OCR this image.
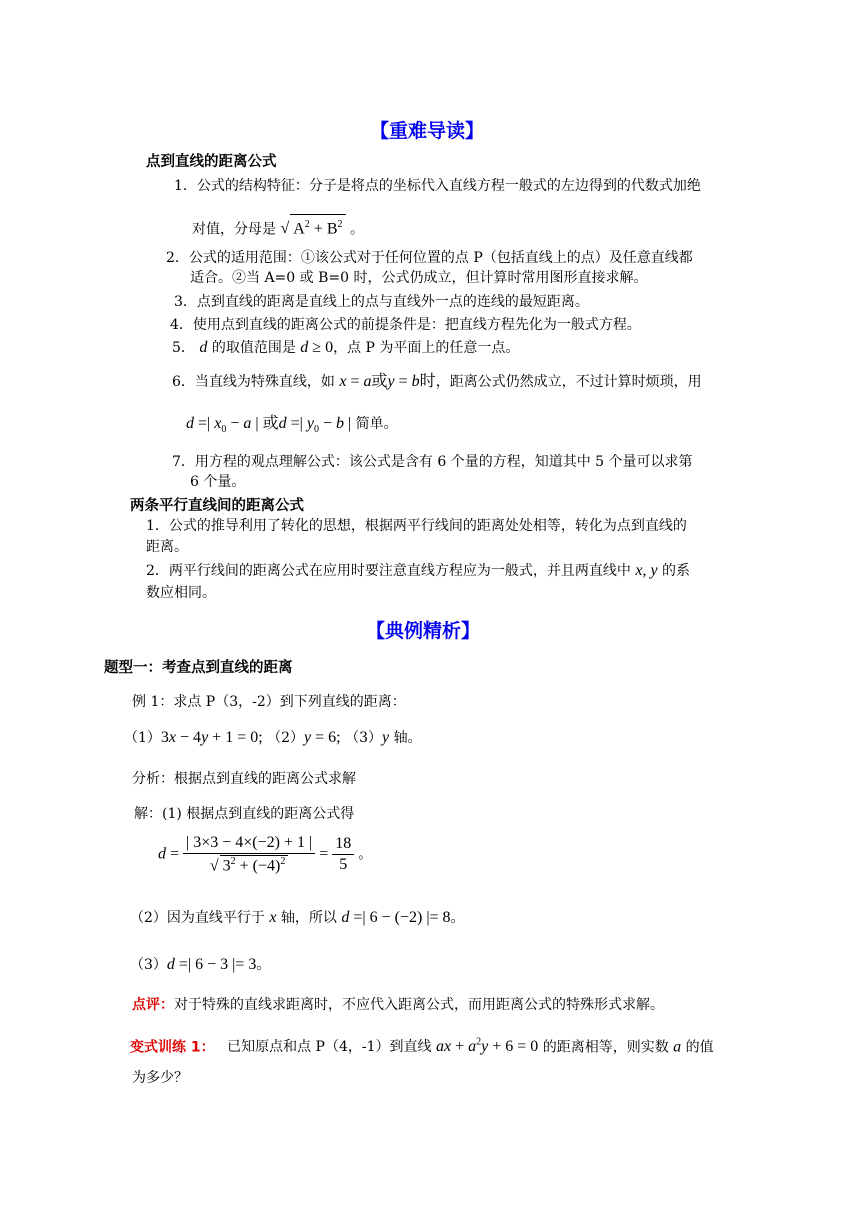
【重难导读】
点到直线的距离公式
1．公式的结构特征：分子是将点的坐标代入直线方程一般式的左边得到的代数式加绝
对值，分母是 √ $A^2 + B^2$ 。
2．公式的适用范围：①该公式对于任何位置的点 P（包括直线上的点）及任意直线都
适合。②当 A=0 或 B=0 时，公式仍成立，但计算时常用图形直接求解。
3．点到直线的距离是直线上的点与直线外一点的连线的最短距离。
4．使用点到直线的距离公式的前提条件是：把直线方程先化为一般式方程。
5． d 的取值范围是 d ≥ 0，点 P 为平面上的任意一点。
6．当直线为特殊直线，如 x = a或y = b时，距离公式仍然成立，不过计算时烦琐，用
d =| $x_0 - a$ | 或d =| $y_0 - b$ | 简单。
7．用方程的观点理解公式：该公式是含有 6 个量的方程，知道其中 5 个量可以求第
6 个量。
两条平行直线间的距离公式
1．公式的推导利用了转化的思想，根据两平行线间的距离处处相等，转化为点到直线的
距离。
2．两平行线间的距离公式在应用时要注意直线方程应为一般式，并且两直线中 x, y 的系
数应相同。
【典例精析】
题型一：考查点到直线的距离
例 1：求点 P（3，-2）到下列直线的距离：
（1）3x − 4y + 1 = 0; （2）y = 6; （3）y 轴。
分析：根据点到直线的距离公式求解
解：(1) 根据点到直线的距离公式得
$d = \frac{| 3\times 3 - 4\times(-2) + 1 |}{√ 3^2 + (-4)^2} = \frac{18}{5}$ 。
（2）因为直线平行于 x 轴，所以 d =| 6 − (−2) |= 8。
（3）d =| 6 − 3 |= 3。
点评：对于特殊的直线求距离时，不应代入距离公式，而用距离公式的特殊形式求解。
变式训练 1： 已知原点和点 P（4，-1）到直线 ax + $a^2y + 6 = 0$ 的距离相等，则实数 a 的值
为多少？
